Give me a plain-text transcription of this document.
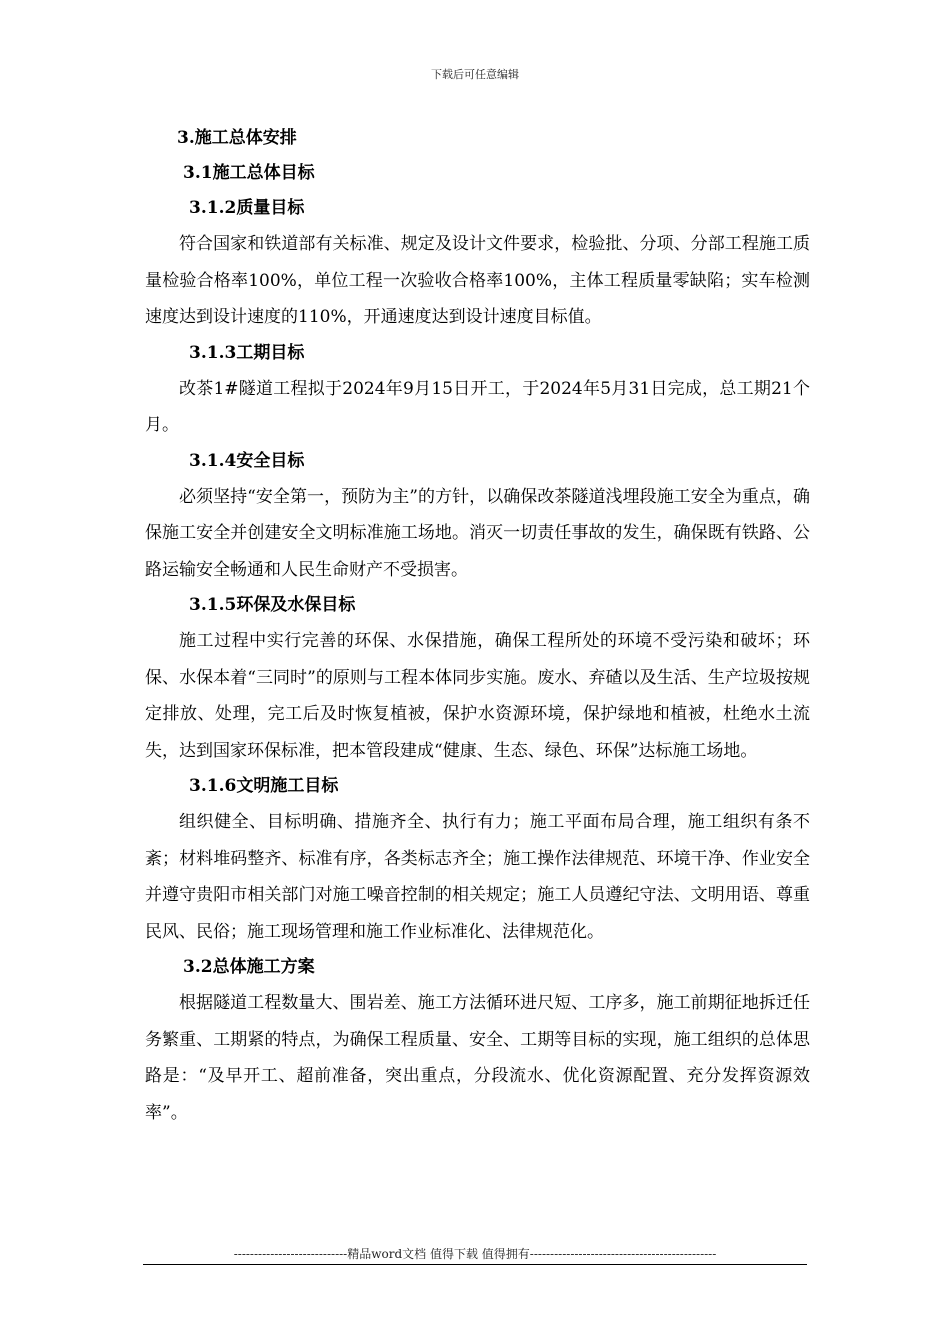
下载后可任意编辑
3.施工总体安排
3.1施工总体目标
3.1.2质量目标

符合国家和铁道部有关标准、规定及设计文件要求，检验批、分项、分部工程施工质量检验合格率100%，单位工程一次验收合格率100%，主体工程质量零缺陷；实车检测速度达到设计速度的110%，开通速度达到设计速度目标值。

3.1.3工期目标

改茶1#隧道工程拟于2024年9月15日开工，于2024年5月31日完成，总工期21个月。

3.1.4安全目标

必须坚持“安全第一，预防为主”的方针，以确保改茶隧道浅埋段施工安全为重点，确保施工安全并创建安全文明标准施工场地。消灭一切责任事故的发生，确保既有铁路、公路运输安全畅通和人民生命财产不受损害。

3.1.5环保及水保目标

施工过程中实行完善的环保、水保措施，确保工程所处的环境不受污染和破坏；环保、水保本着“三同时”的原则与工程本体同步实施。废水、弃碴以及生活、生产垃圾按规定排放、处理，完工后及时恢复植被，保护水资源环境，保护绿地和植被，杜绝水土流失，达到国家环保标准，把本管段建成“健康、生态、绿色、环保”达标施工场地。

3.1.6文明施工目标

组织健全、目标明确、措施齐全、执行有力；施工平面布局合理，施工组织有条不紊；材料堆码整齐、标准有序，各类标志齐全；施工操作法律规范、环境干净、作业安全并遵守贵阳市相关部门对施工噪音控制的相关规定；施工人员遵纪守法、文明用语、尊重民风、民俗；施工现场管理和施工作业标准化、法律规范化。

3.2总体施工方案

根据隧道工程数量大、围岩差、施工方法循环进尺短、工序多，施工前期征地拆迁任务繁重、工期紧的特点，为确保工程质量、安全、工期等目标的实现，施工组织的总体思路是：“及早开工、超前准备，突出重点，分段流水、优化资源配置、充分发挥资源效率”。

----------------------------精品word文档 值得下载 值得拥有----------------------------------------------
